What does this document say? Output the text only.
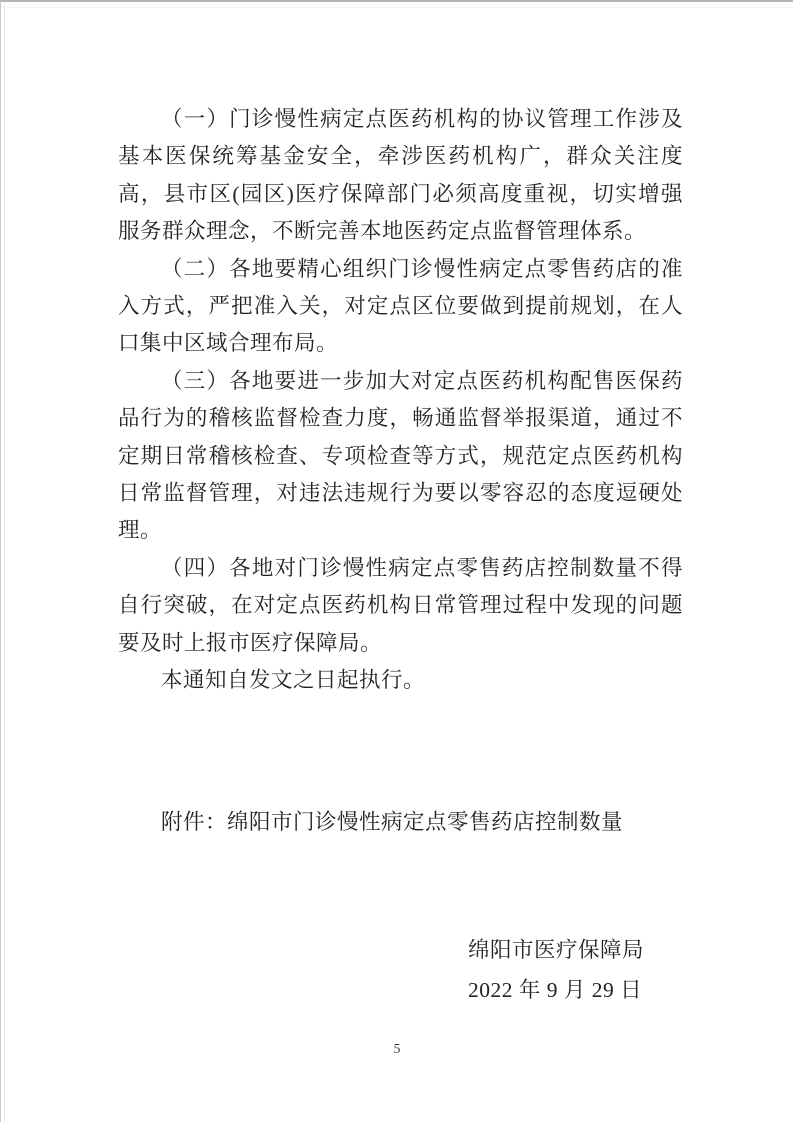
（一）门诊慢性病定点医药机构的协议管理工作涉及基本医保统筹基金安全，牵涉医药机构广，群众关注度高，县市区(园区)医疗保障部门必须高度重视，切实增强服务群众理念，不断完善本地医药定点监督管理体系。

（二）各地要精心组织门诊慢性病定点零售药店的准入方式，严把准入关，对定点区位要做到提前规划，在人口集中区域合理布局。

（三）各地要进一步加大对定点医药机构配售医保药品行为的稽核监督检查力度，畅通监督举报渠道，通过不定期日常稽核检查、专项检查等方式，规范定点医药机构日常监督管理，对违法违规行为要以零容忍的态度逗硬处理。

（四）各地对门诊慢性病定点零售药店控制数量不得自行突破，在对定点医药机构日常管理过程中发现的问题要及时上报市医疗保障局。

本通知自发文之日起执行。

附件：绵阳市门诊慢性病定点零售药店控制数量

绵阳市医疗保障局
2022 年 9 月 29 日
5
